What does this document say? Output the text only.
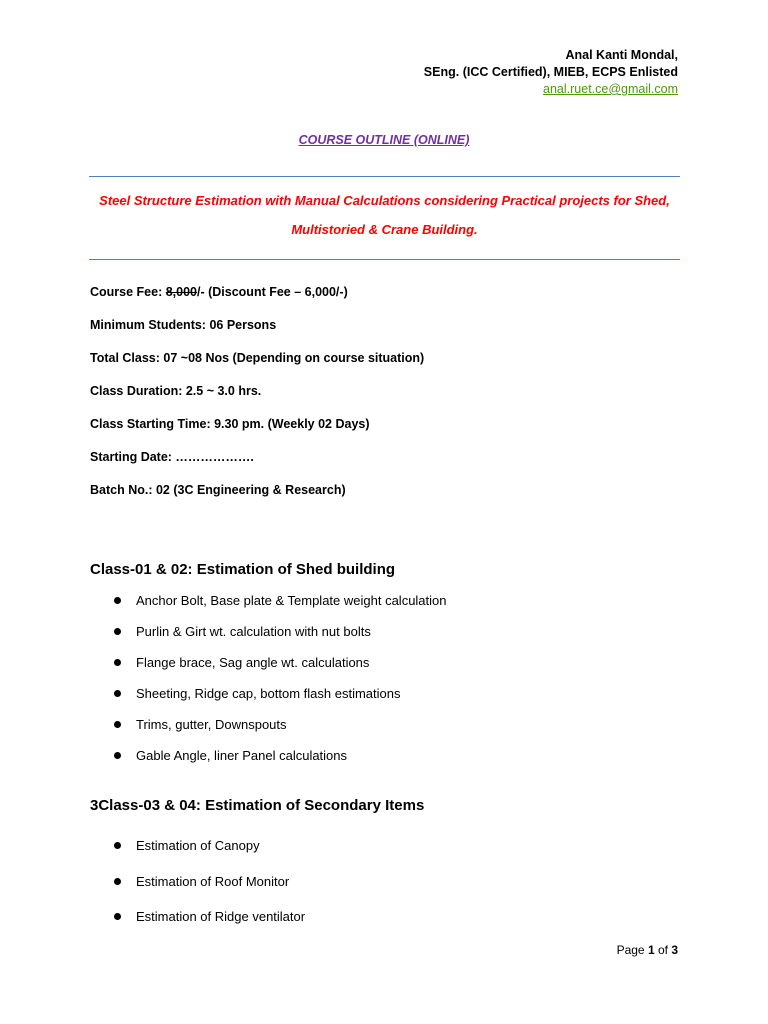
Anal Kanti Mondal,
SEng. (ICC Certified), MIEB, ECPS Enlisted
anal.ruet.ce@gmail.com
COURSE OUTLINE (ONLINE)
Steel Structure Estimation with Manual Calculations considering Practical projects for Shed,
Multistoried & Crane Building.
Course Fee: 8,000/- (Discount Fee – 6,000/-)
Minimum Students: 06 Persons
Total Class: 07 ~08 Nos (Depending on course situation)
Class Duration: 2.5 ~ 3.0 hrs.
Class Starting Time: 9.30 pm. (Weekly 02 Days)
Starting Date: ……………….
Batch No.: 02 (3C Engineering & Research)
Class-01 & 02: Estimation of Shed building
Anchor Bolt, Base plate & Template weight calculation
Purlin & Girt wt. calculation with nut bolts
Flange brace, Sag angle wt. calculations
Sheeting, Ridge cap, bottom flash estimations
Trims, gutter, Downspouts
Gable Angle, liner Panel calculations
3Class-03 & 04: Estimation of Secondary Items
Estimation of Canopy
Estimation of Roof Monitor
Estimation of Ridge ventilator
Page 1 of 3
